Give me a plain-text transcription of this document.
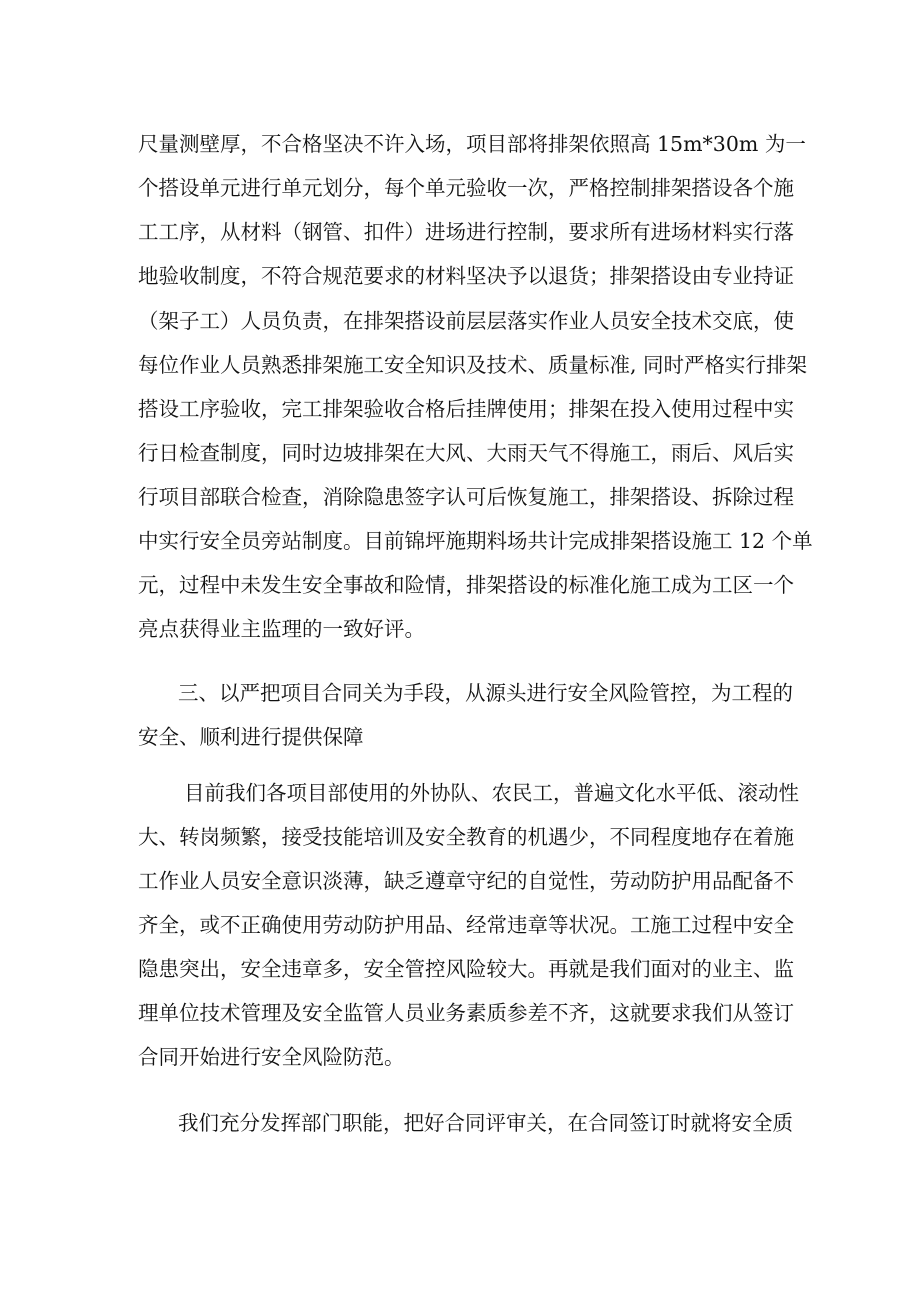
尺量测壁厚，不合格坚决不许入场，项目部将排架依照高 15m*30m 为一
个搭设单元进行单元划分，每个单元验收一次，严格控制排架搭设各个施
工工序，从材料（钢管、扣件）进场进行控制，要求所有进场材料实行落
地验收制度，不符合规范要求的材料坚决予以退货；排架搭设由专业持证
（架子工）人员负责，在排架搭设前层层落实作业人员安全技术交底，使
每位作业人员熟悉排架施工安全知识及技术、质量标准, 同时严格实行排架
搭设工序验收，完工排架验收合格后挂牌使用；排架在投入使用过程中实
行日检查制度，同时边坡排架在大风、大雨天气不得施工，雨后、风后实
行项目部联合检查，消除隐患签字认可后恢复施工，排架搭设、拆除过程
中实行安全员旁站制度。目前锦坪施期料场共计完成排架搭设施工 12 个单
元，过程中未发生安全事故和险情，排架搭设的标准化施工成为工区一个
亮点获得业主监理的一致好评。
三、以严把项目合同关为手段，从源头进行安全风险管控，为工程的
安全、顺利进行提供保障
目前我们各项目部使用的外协队、农民工，普遍文化水平低、滚动性
大、转岗频繁，接受技能培训及安全教育的机遇少，不同程度地存在着施
工作业人员安全意识淡薄，缺乏遵章守纪的自觉性，劳动防护用品配备不
齐全，或不正确使用劳动防护用品、经常违章等状况。工施工过程中安全
隐患突出，安全违章多，安全管控风险较大。再就是我们面对的业主、监
理单位技术管理及安全监管人员业务素质参差不齐，这就要求我们从签订
合同开始进行安全风险防范。
我们充分发挥部门职能，把好合同评审关，在合同签订时就将安全质
